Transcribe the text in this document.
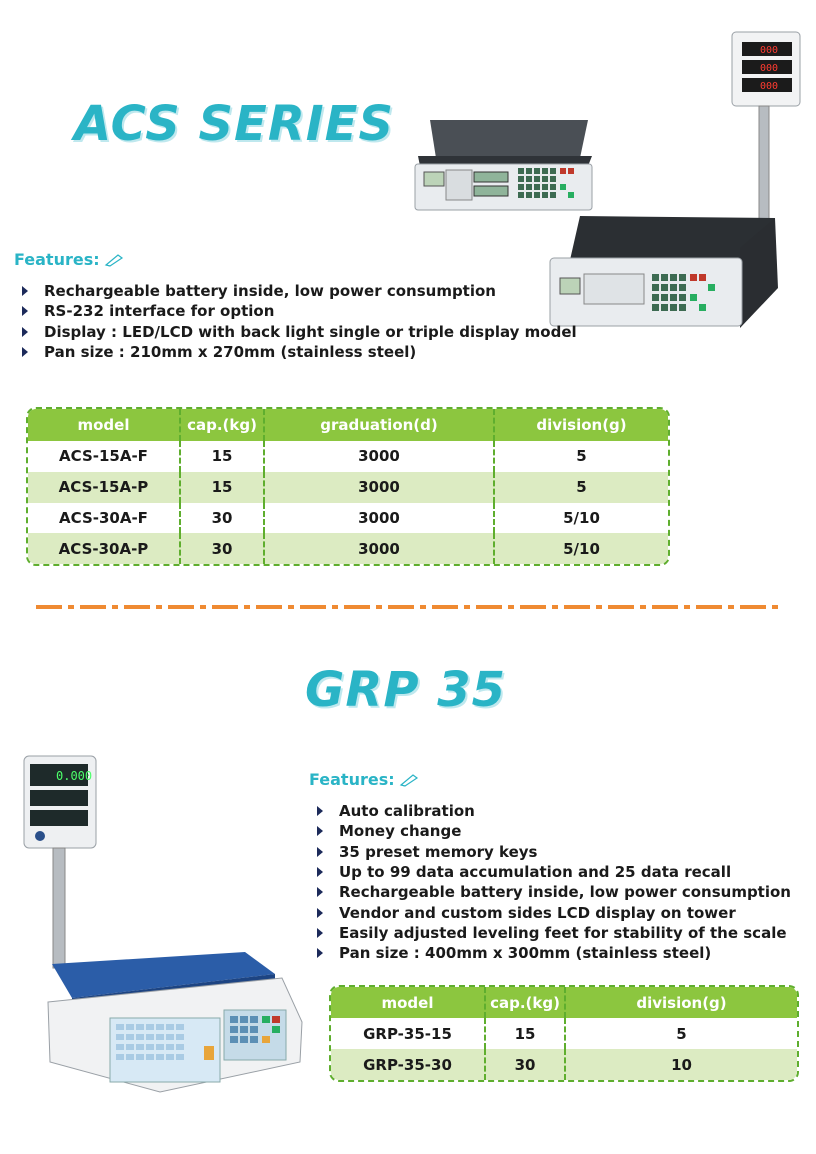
ACS SERIES
000
000
000
Features:
Rechargeable battery inside, low power consumption
RS-232 interface for option
Display : LED/LCD with back light single or triple display model
Pan size : 210mm x 270mm (stainless steel)
model	cap.(kg)	graduation(d)	division(g)
ACS-15A-F	15	3000	5
ACS-15A-P	15	3000	5
ACS-30A-F	30	3000	5/10
ACS-30A-P	30	3000	5/10
GRP 35
0.000	Features:
Auto calibration
Money change
35 preset memory keys
Up to 99 data accumulation and 25 data recall
Rechargeable battery inside, low power consumption
Vendor and custom sides LCD display on tower
Easily adjusted leveling feet for stability of the scale
Pan size : 400mm x 300mm (stainless steel)
model	cap.(kg)	division(g)
GRP-35-15	15	5
GRP-35-30	30	10
